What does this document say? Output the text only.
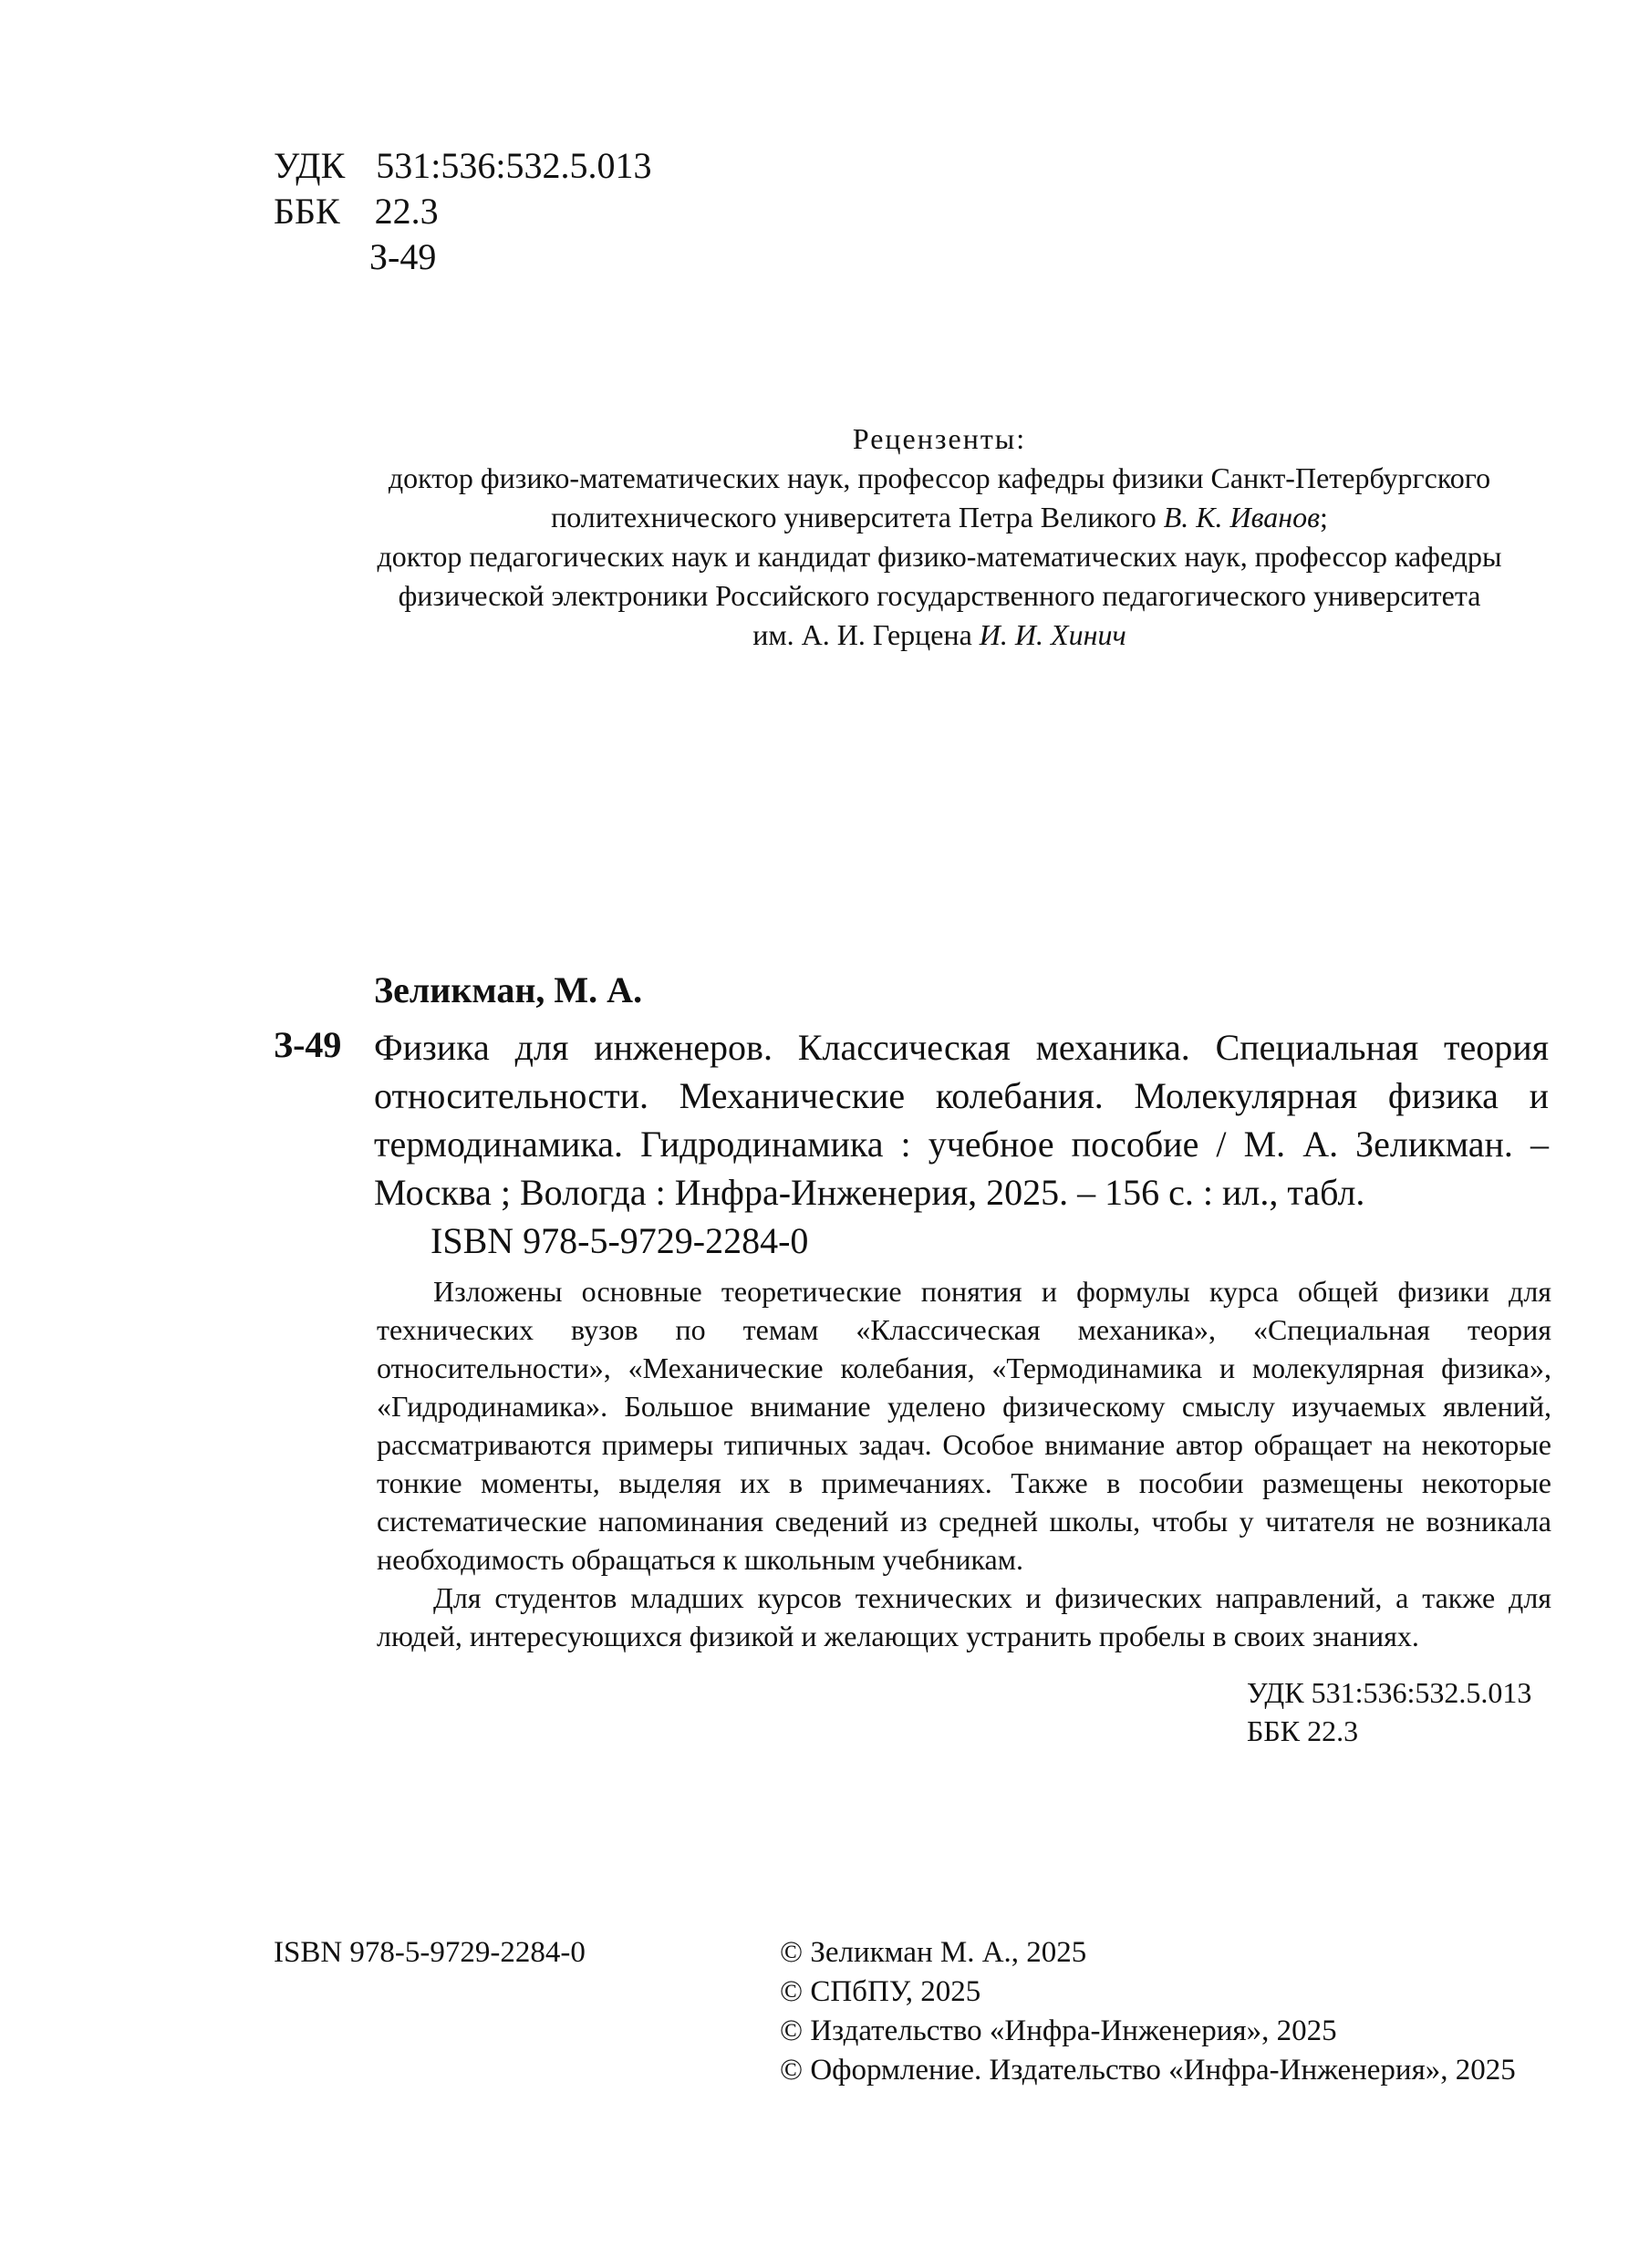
УДК 531:536:532.5.013
ББК 22.3
З-49

Рецензенты:

доктор физико-математических наук, профессор кафедры физики Санкт-Петербургского

политехнического университета Петра Великого В. К. Иванов;

доктор педагогических наук и кандидат физико-математических наук, профессор кафедры

физической электроники Российского государственного педагогического университета

им. А. И. Герцена И. И. Хинич

Зеликман, М. А.
З-49 Физика для инженеров. Классическая механика. Специальная теория относительности. Механические колебания. Молекулярная физика и термодинамика. Гидродинамика : учебное пособие / М. А. Зеликман. – Москва ; Вологда : Инфра-Инженерия, 2025. – 156 с. : ил., табл.

ISBN 978-5-9729-2284-0

Изложены основные теоретические понятия и формулы курса общей физики для технических вузов по темам «Классическая механика», «Специальная теория относительности», «Механические колебания, «Термодинамика и молекулярная физика», «Гидродинамика». Большое внимание уделено физическому смыслу изучаемых явлений, рассматриваются примеры типичных задач. Особое внимание автор обращает на некоторые тонкие моменты, выделяя их в примечаниях. Также в пособии размещены некоторые систематические напоминания сведений из средней школы, чтобы у читателя не возникала необходимость обращаться к школьным учебникам.

Для студентов младших курсов технических и физических направлений, а также для людей, интересующихся физикой и желающих устранить пробелы в своих знаниях.

УДК 531:536:532.5.013
ББК 22.3
ISBN 978-5-9729-2284-0	© Зеликман М. А., 2025
© СПбПУ, 2025
© Издательство «Инфра-Инженерия», 2025
© Оформление. Издательство «Инфра-Инженерия», 2025
